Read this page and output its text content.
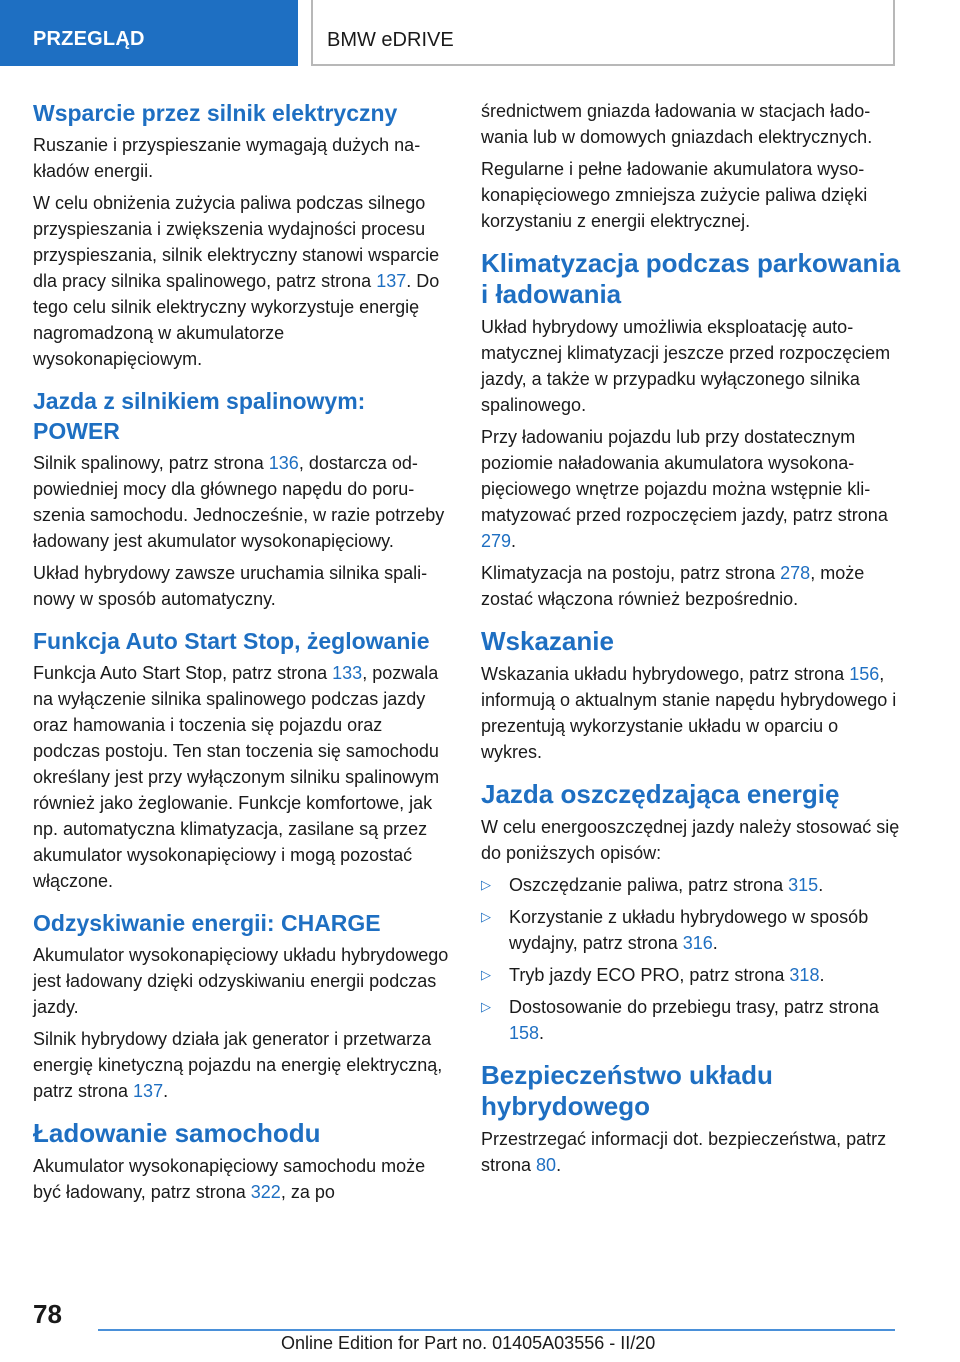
PRZEGLĄD	BMW eDRIVE
Wsparcie przez silnik elektryczny

Ruszanie i przyspieszanie wymagają dużych nakładów energii.

W celu obniżenia zużycia paliwa podczas silnego przyspieszania i zwiększenia wydajności procesu przyspieszania, silnik elektryczny stanowi wsparcie dla pracy silnika spalinowego, patrz strona 137. Do tego celu silnik elektryczny wykorzystuje energię nagromadzoną w akumulatorze wysokonapięciowym.

Jazda z silnikiem spalinowym: POWER

Silnik spalinowy, patrz strona 136, dostarcza odpowiedniej mocy dla głównego napędu do poruszenia samochodu. Jednocześnie, w razie potrzeby ładowany jest akumulator wysokonapięciowy.

Układ hybrydowy zawsze uruchamia silnika spalinowy w sposób automatyczny.

Funkcja Auto Start Stop, żeglowanie

Funkcja Auto Start Stop, patrz strona 133, pozwala na wyłączenie silnika spalinowego podczas jazdy oraz hamowania i toczenia się pojazdu oraz podczas postoju. Ten stan toczenia się samochodu określany jest przy wyłączonym silniku spalinowym również jako żeglowanie. Funkcje komfortowe, jak np. automatyczna klimatyzacja, zasilane są przez akumulator wysokonapięciowy i mogą pozostać włączone.

Odzyskiwanie energii: CHARGE

Akumulator wysokonapięciowy układu hybrydowego jest ładowany dzięki odzyskiwaniu energii podczas jazdy.

Silnik hybrydowy działa jak generator i przetwarza energię kinetyczną pojazdu na energię elektryczną, patrz strona 137.

Ładowanie samochodu

Akumulator wysokonapięciowy samochodu może być ładowany, patrz strona 322, za po

średnictwem gniazda ładowania w stacjach ładowania lub w domowych gniazdach elektrycznych.

Regularne i pełne ładowanie akumulatora wysokonapięciowego zmniejsza zużycie paliwa dzięki korzystaniu z energii elektrycznej.

Klimatyzacja podczas parkowania i ładowania

Układ hybrydowy umożliwia eksploatację automatycznej klimatyzacji jeszcze przed rozpoczęciem jazdy, a także w przypadku wyłączonego silnika spalinowego.

Przy ładowaniu pojazdu lub przy dostatecznym poziomie naładowania akumulatora wysokonapięciowego wnętrze pojazdu można wstępnie klimatyzować przed rozpoczęciem jazdy, patrz strona 279.

Klimatyzacja na postoju, patrz strona 278, może zostać włączona również bezpośrednio.

Wskazanie

Wskazania układu hybrydowego, patrz strona 156, informują o aktualnym stanie napędu hybrydowego i prezentują wykorzystanie układu w oparciu o wykres.

Jazda oszczędzająca energię

W celu energooszczędnej jazdy należy stosować się do poniższych opisów:

▷ Oszczędzanie paliwa, patrz strona 315.
▷ Korzystanie z układu hybrydowego w sposób wydajny, patrz strona 316.
▷ Tryb jazdy ECO PRO, patrz strona 318.
▷ Dostosowanie do przebiegu trasy, patrz strona 158.
Bezpieczeństwo układu hybrydowego

Przestrzegać informacji dot. bezpieczeństwa, patrz strona 80.

78
Online Edition for Part no. 01405A03556 - II/20
